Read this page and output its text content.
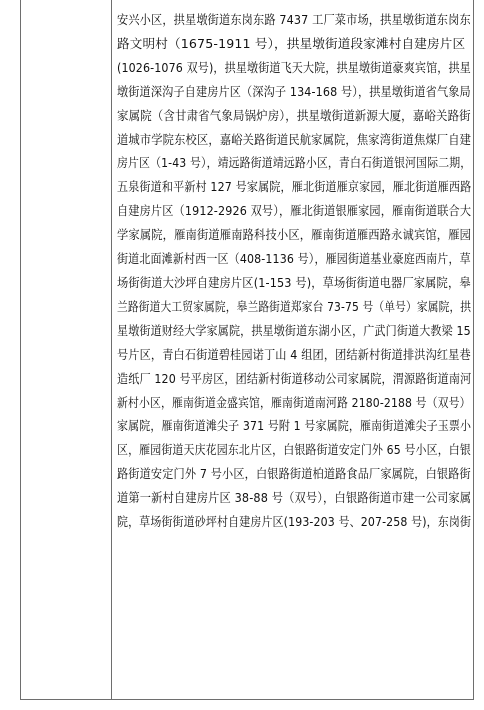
安兴小区，拱星墩街道东岗东路 7437 工厂菜市场，拱星墩街道东岗东
路文明村（1675-1911 号），拱星墩街道段家滩村自建房片区
(1026-1076 双号)，拱星墩街道飞天大院，拱星墩街道豪爽宾馆，拱星
墩街道深沟子自建房片区（深沟子 134-168 号），拱星墩街道省气象局
家属院（含甘肃省气象局锅炉房），拱星墩街道新源大厦，嘉峪关路街
道城市学院东校区，嘉峪关路街道民航家属院，焦家湾街道焦煤厂自建
房片区（1-43 号），靖远路街道靖远路小区，青白石街道银河国际二期，
五泉街道和平新村 127 号家属院，雁北街道雁京家园，雁北街道雁西路
自建房片区（1912-2926 双号），雁北街道银雁家园，雁南街道联合大
学家属院，雁南街道雁南路科技小区，雁南街道雁西路永诚宾馆，雁园
街道北面滩新村西一区（408-1136 号），雁园街道基业豪庭西南片，草
场街街道大沙坪自建房片区(1-153 号)，草场街街道电器厂家属院，皋
兰路街道大工贸家属院，皋兰路街道郑家台 73-75 号（单号）家属院，拱
星墩街道财经大学家属院，拱星墩街道东湖小区，广武门街道大教梁 15
号片区，青白石街道碧桂园诺丁山 4 组团，团结新村街道排洪沟红星巷
造纸厂 120 号平房区，团结新村街道移动公司家属院，渭源路街道南河
新村小区，雁南街道金盛宾馆，雁南街道南河路 2180-2188 号（双号）
家属院，雁南街道滩尖子 371 号附 1 号家属院，雁南街道滩尖子玉票小
区，雁园街道天庆花园东北片区，白银路街道安定门外 65 号小区，白银
路街道安定门外 7 号小区，白银路街道柏道路食品厂家属院，白银路街
道第一新村自建房片区 38-88 号（双号），白银路街道市建一公司家属
院，草场街街道砂坪村自建房片区(193-203 号、207-258 号)，东岗街
